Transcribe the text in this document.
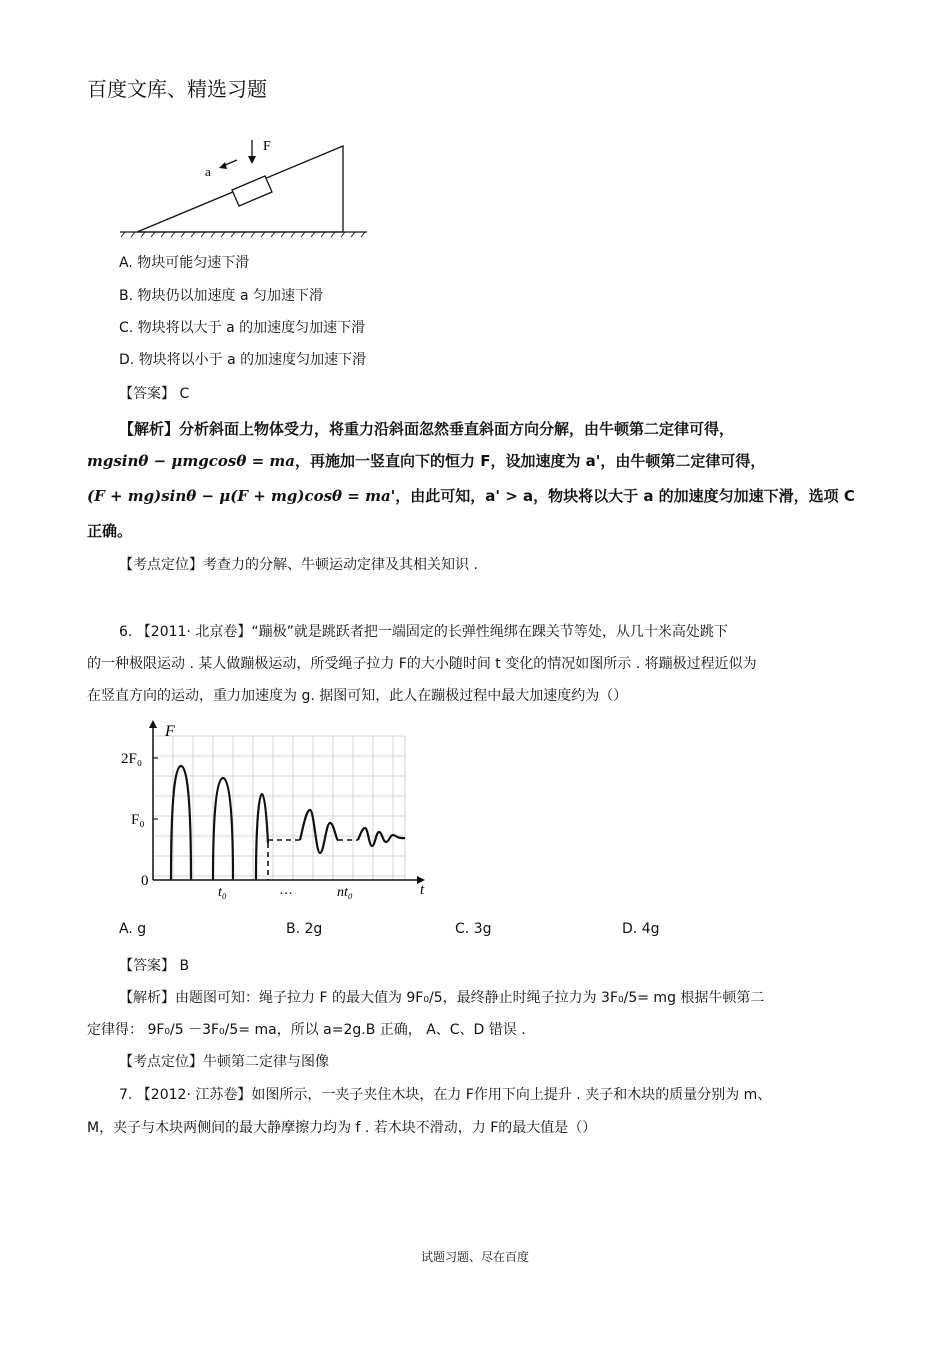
百度文库、精选习题
F
a
A. 物块可能匀速下滑
B. 物块仍以加速度 a 匀加速下滑
C. 物块将以大于 a 的加速度匀加速下滑
D. 物块将以小于 a 的加速度匀加速下滑
【答案】 C
【解析】分析斜面上物体受力，将重力沿斜面忽然垂直斜面方向分解，由牛顿第二定律可得，
mgsinθ − μmgcosθ = ma，再施加一竖直向下的恒力 F，设加速度为 a'，由牛顿第二定律可得，
(F + mg)sinθ − μ(F + mg)cosθ = ma'，由此可知，a' > a，物块将以大于 a 的加速度匀加速下滑，选项 C
正确。
【考点定位】考查力的分解、牛顿运动定律及其相关知识 .
6. 【2011· 北京卷】“蹦极”就是跳跃者把一端固定的长弹性绳绑在踝关节等处，从几十米高处跳下
的一种极限运动 . 某人做蹦极运动，所受绳子拉力 F的大小随时间 t 变化的情况如图所示 . 将蹦极过程近似为
在竖直方向的运动，重力加速度为 g. 据图可知，此人在蹦极过程中最大加速度约为（）
F
t
2F₀
F₀
0
t₀	…	nt₀
A. g	B. 2g	C. 3g	D. 4g
【答案】 B
【解析】由题图可知：绳子拉力 F 的最大值为 9F₀/5，最终静止时绳子拉力为 3F₀/5= mg 根据牛顿第二
定律得： 9F₀/5 －3F₀/5= ma，所以 a=2g.B 正确， A、C、D 错误 .
【考点定位】牛顿第二定律与图像
7. 【2012· 江苏卷】如图所示，一夹子夹住木块，在力 F作用下向上提升 . 夹子和木块的质量分别为 m、
M，夹子与木块两侧间的最大静摩擦力均为 f . 若木块不滑动，力 F的最大值是（）
试题习题、尽在百度
